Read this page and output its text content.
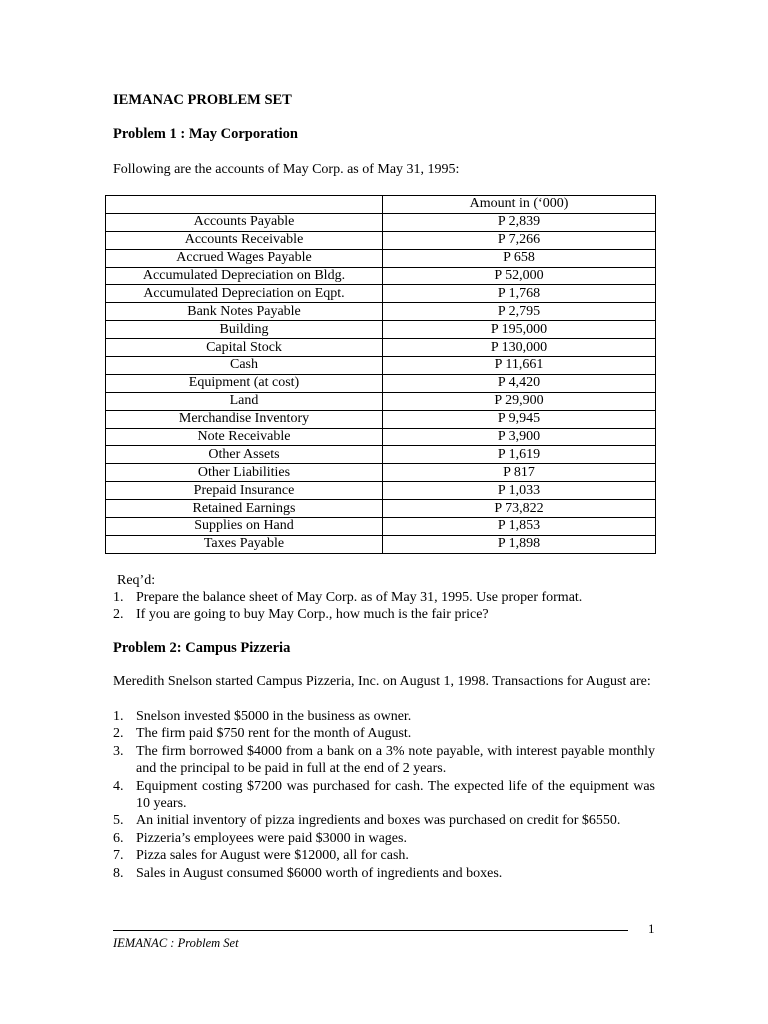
IEMANAC PROBLEM SET

Problem 1 : May Corporation

Following are the accounts of May Corp. as of May 31, 1995:

	Amount in (‘000)
Accounts Payable	P 2,839
Accounts Receivable	P 7,266
Accrued Wages Payable	P 658
Accumulated Depreciation on Bldg.	P 52,000
Accumulated Depreciation on Eqpt.	P 1,768
Bank Notes Payable	P 2,795
Building	P 195,000
Capital Stock	P 130,000
Cash	P 11,661
Equipment (at cost)	P 4,420
Land	P 29,900
Merchandise Inventory	P 9,945
Note Receivable	P 3,900
Other Assets	P 1,619
Other Liabilities	P 817
Prepaid Insurance	P 1,033
Retained Earnings	P 73,822
Supplies on Hand	P 1,853
Taxes Payable	P 1,898

Req’d:

1. Prepare the balance sheet of May Corp. as of May 31, 1995. Use proper format.
2. If you are going to buy May Corp., how much is the fair price?

Problem 2: Campus Pizzeria

Meredith Snelson started Campus Pizzeria, Inc. on August 1, 1998. Transactions for August are:

1. Snelson invested $5000 in the business as owner.
2. The firm paid $750 rent for the month of August.
3. The firm borrowed $4000 from a bank on a 3% note payable, with interest payable monthly and the principal to be paid in full at the end of 2 years.
4. Equipment costing $7200 was purchased for cash. The expected life of the equipment was 10 years.
5. An initial inventory of pizza ingredients and boxes was purchased on credit for $6550.
6. Pizzeria’s employees were paid $3000 in wages.
7. Pizza sales for August were $12000, all for cash.
8. Sales in August consumed $6000 worth of ingredients and boxes.
1

IEMANAC : Problem Set
